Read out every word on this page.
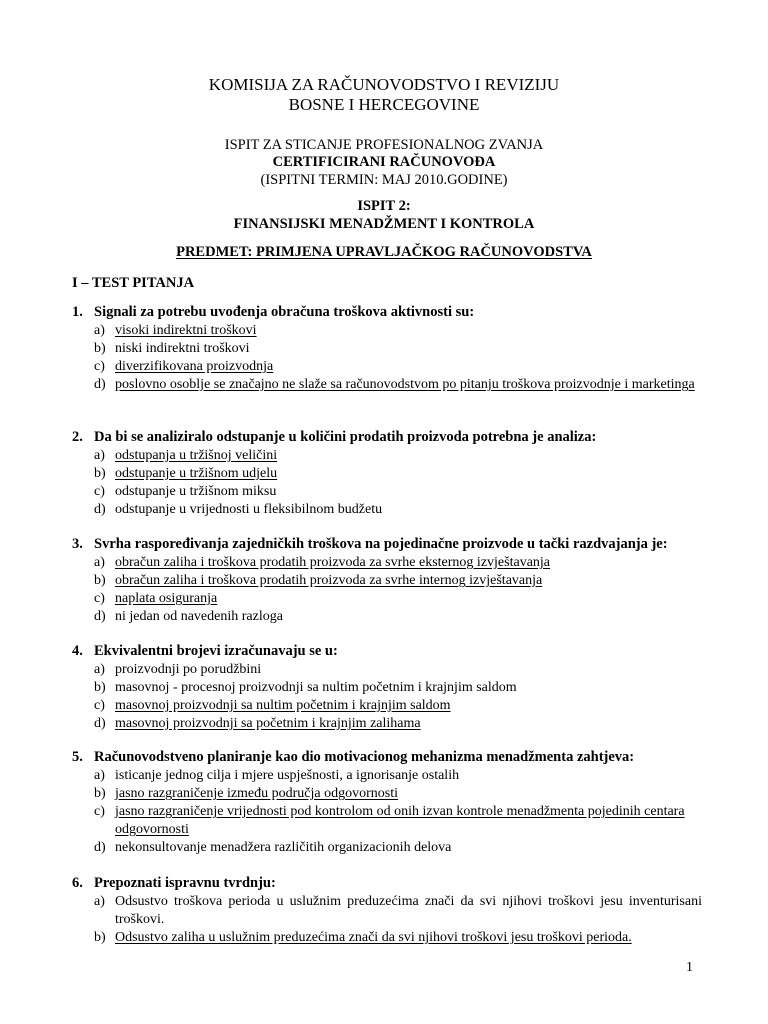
KOMISIJA ZA RAČUNOVODSTVO I REVIZIJU
BOSNE I HERCEGOVINE
ISPIT ZA STICANJE PROFESIONALNOG ZVANJA
CERTIFICIRANI RAČUNOVOĐA
(ISPITNI TERMIN: MAJ 2010.GODINE)
ISPIT 2:
FINANSIJSKI MENADŽMENT I KONTROLA
PREDMET: PRIMJENA UPRAVLJAČKOG RAČUNOVODSTVA
I – TEST PITANJA
1. Signali za potrebu uvođenja obračuna troškova aktivnosti su:
a) visoki indirektni troškovi
b) niski indirektni troškovi
c) diverzifikovana proizvodnja
d) poslovno osoblje se značajno ne slaže sa računovodstvom po pitanju troškova proizvodnje i marketinga
2. Da bi se analiziralo odstupanje u količini prodatih proizvoda potrebna je analiza:
a) odstupanja u tržišnoj veličini
b) odstupanje u tržišnom udjelu
c) odstupanje u tržišnom miksu
d) odstupanje u vrijednosti u fleksibilnom budžetu
3. Svrha raspoređivanja zajedničkih troškova na pojedinačne proizvode u tački razdvajanja je:
a) obračun zaliha i troškova prodatih proizvoda za svrhe eksternog izvještavanja
b) obračun zaliha i troškova prodatih proizvoda za svrhe internog izvještavanja
c) naplata osiguranja
d) ni jedan od navedenih razloga
4. Ekvivalentni brojevi izračunavaju se u:
a) proizvodnji po porudžbini
b) masovnoj - procesnoj proizvodnji sa nultim početnim i krajnjim saldom
c) masovnoj proizvodnji sa nultim početnim i krajnjim saldom
d) masovnoj proizvodnji sa početnim i krajnjim zalihama
5. Računovodstveno planiranje kao dio motivacionog mehanizma menadžmenta zahtjeva:
a) isticanje jednog cilja i mjere uspješnosti, a ignorisanje ostalih
b) jasno razgraničenje između područja odgovornosti
c) jasno razgraničenje vrijednosti pod kontrolom od onih izvan kontrole menadžmenta pojedinih centara odgovornosti
d) nekonsultovanje menadžera različitih organizacionih delova
6. Prepoznati ispravnu tvrdnju:
a) Odsustvo troškova perioda u uslužnim preduzećima znači da svi njihovi troškovi jesu inventurisani troškovi.
b) Odsustvo zaliha u uslužnim preduzećima znači da svi njihovi troškovi jesu troškovi perioda.
1
